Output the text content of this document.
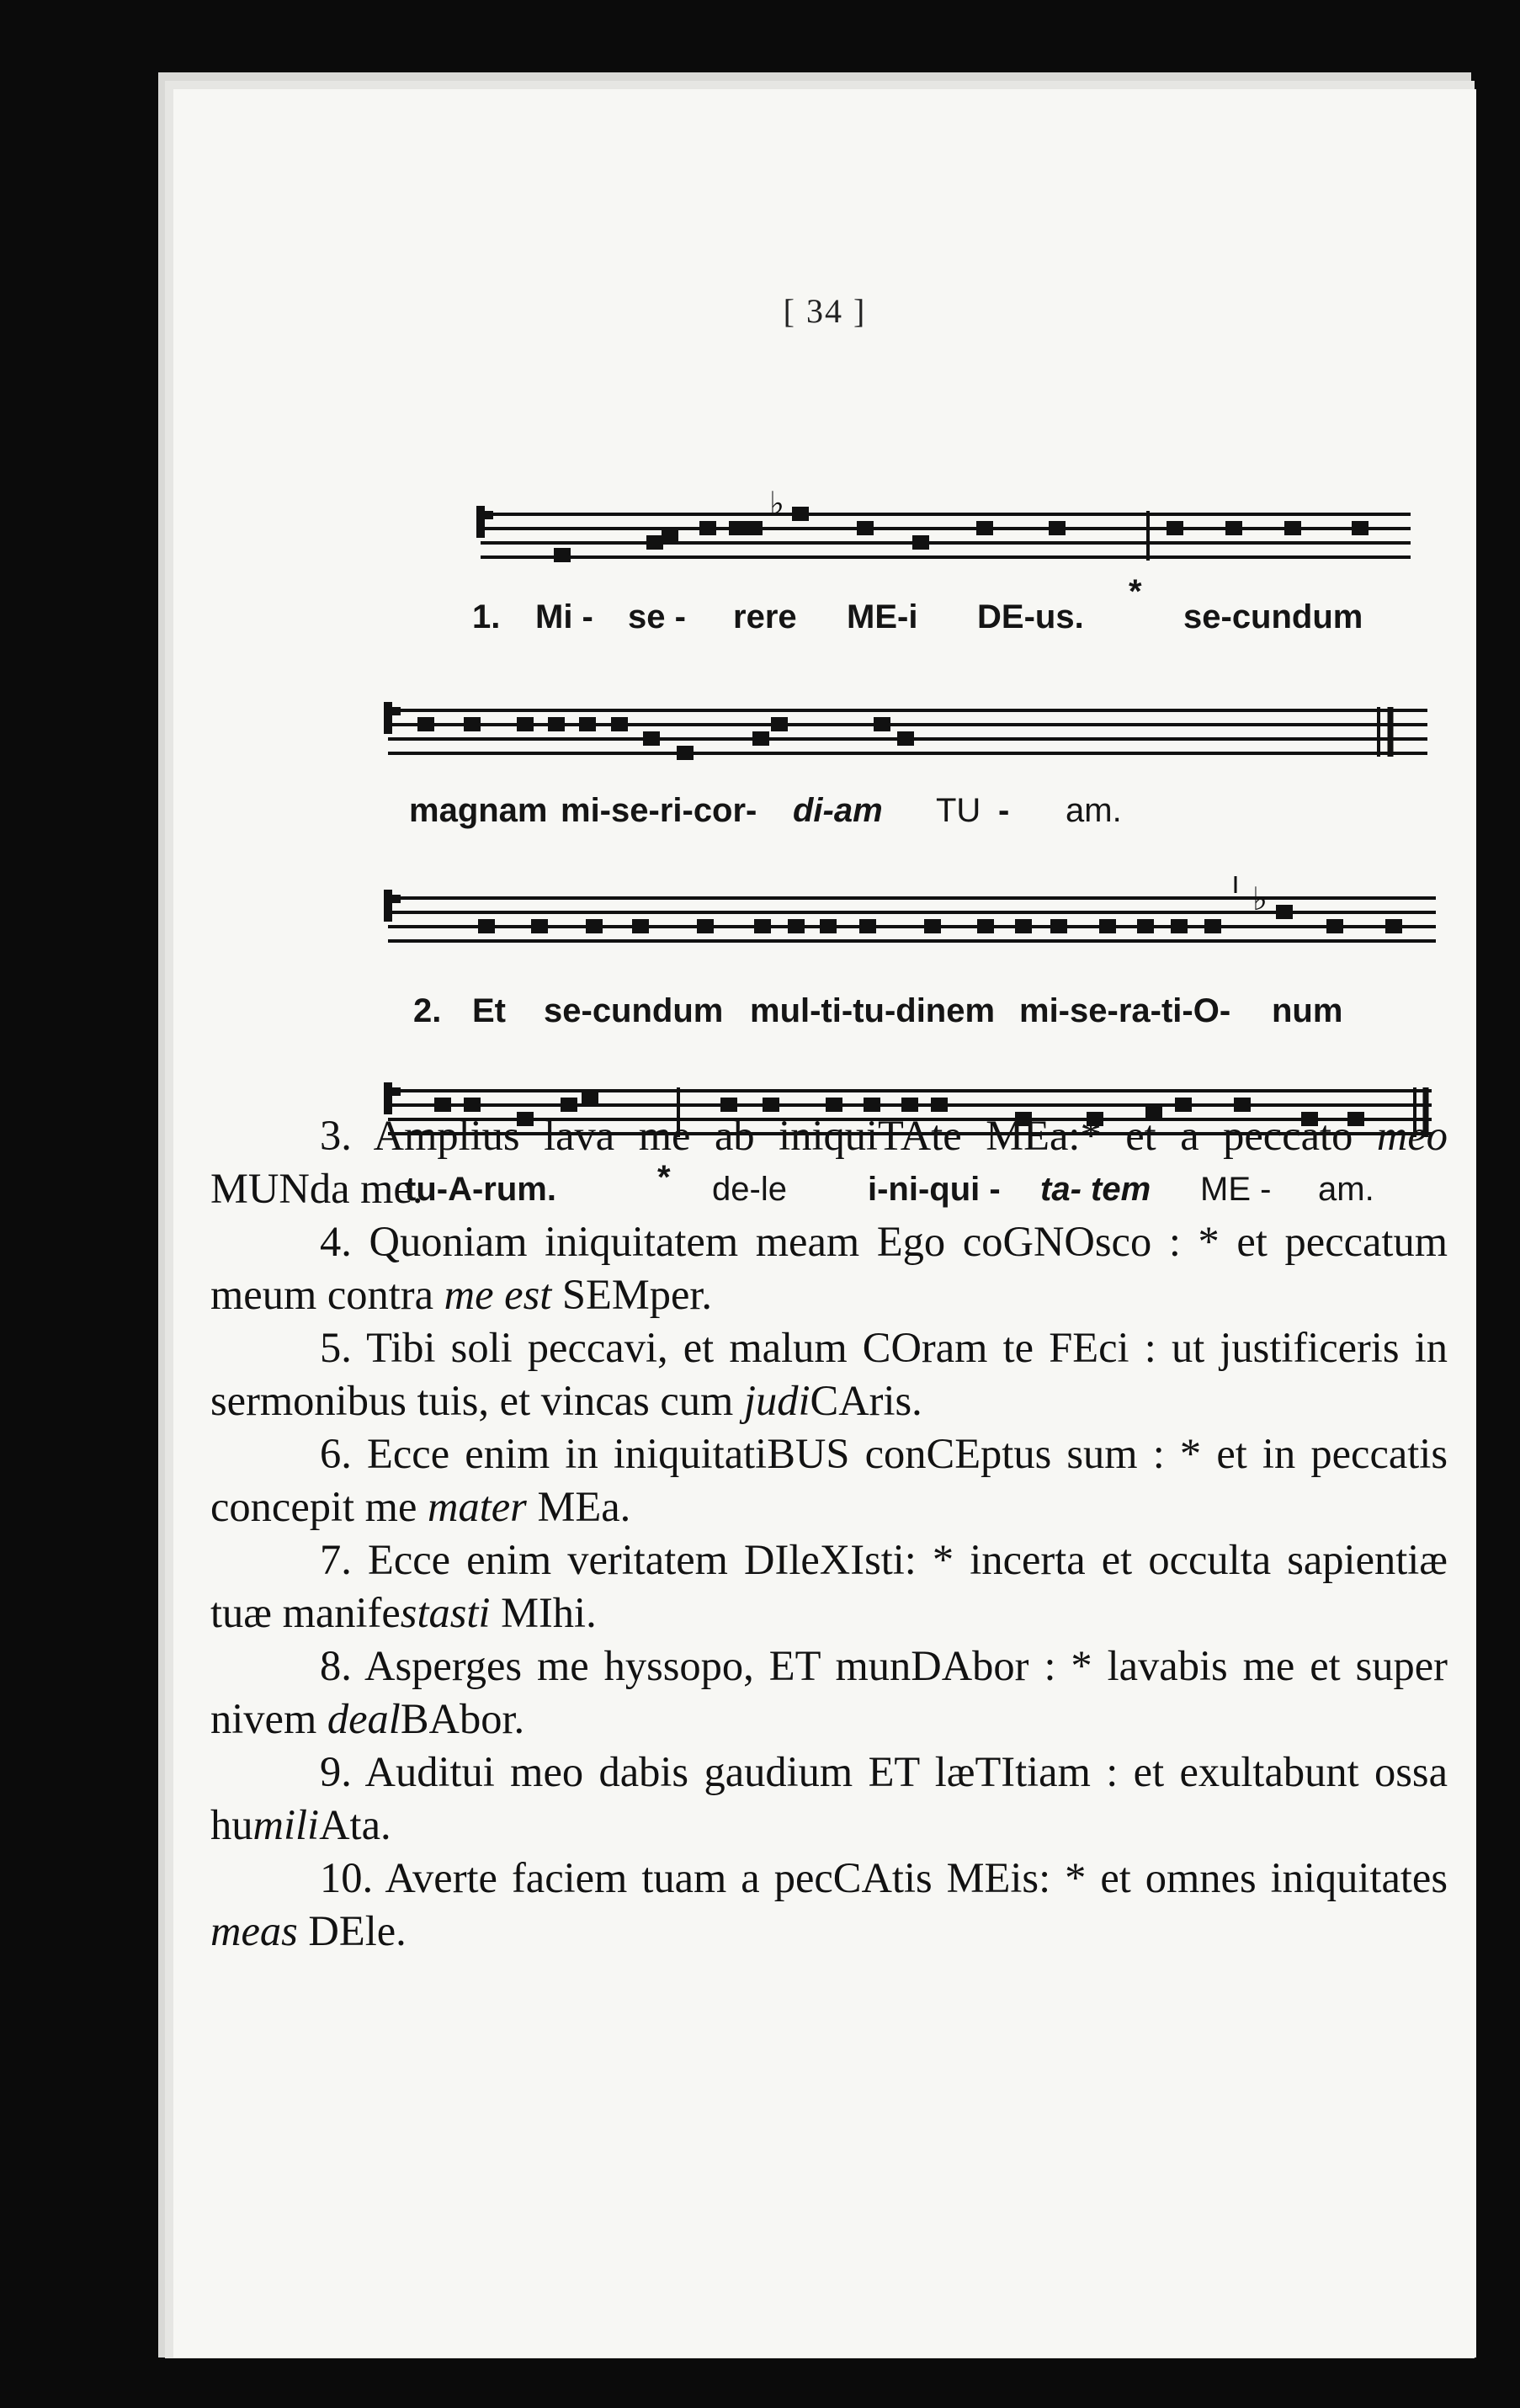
[ 34 ]
♭
1. Mi - se - rere ME-i DE-us.
*
se-cundum
magnam mi-se-ri-cor- di-am TU - am.
♭
2. Et se-cundum mul-ti-tu-dinem mi-se-ra-ti-O- num
tu-A-rum.	* de-le i-ni-qui - ta- tem ME - am.

3. Amplius lava me ab iniquiTAte MEa:* et a peccato meo MUNda me.

4. Quoniam iniquitatem meam Ego coGNOsco : * et peccatum meum contra me est SEMper.

5. Tibi soli peccavi, et malum COram te FEci : ut justificeris in sermonibus tuis, et vincas cum judiCAris.

6. Ecce enim in iniquitatiBUS conCEptus sum : * et in peccatis concepit me mater MEa.

7. Ecce enim veritatem DIleXIsti: * incerta et occulta sapientiæ tuæ manifestasti MIhi.

8. Asperges me hyssopo, ET munDAbor : * lavabis me et super nivem dealBAbor.

9. Auditui meo dabis gaudium ET læTItiam : et exultabunt ossa humiliAta.

10. Averte faciem tuam a pecCAtis MEis: * et omnes iniquitates meas DEle.
